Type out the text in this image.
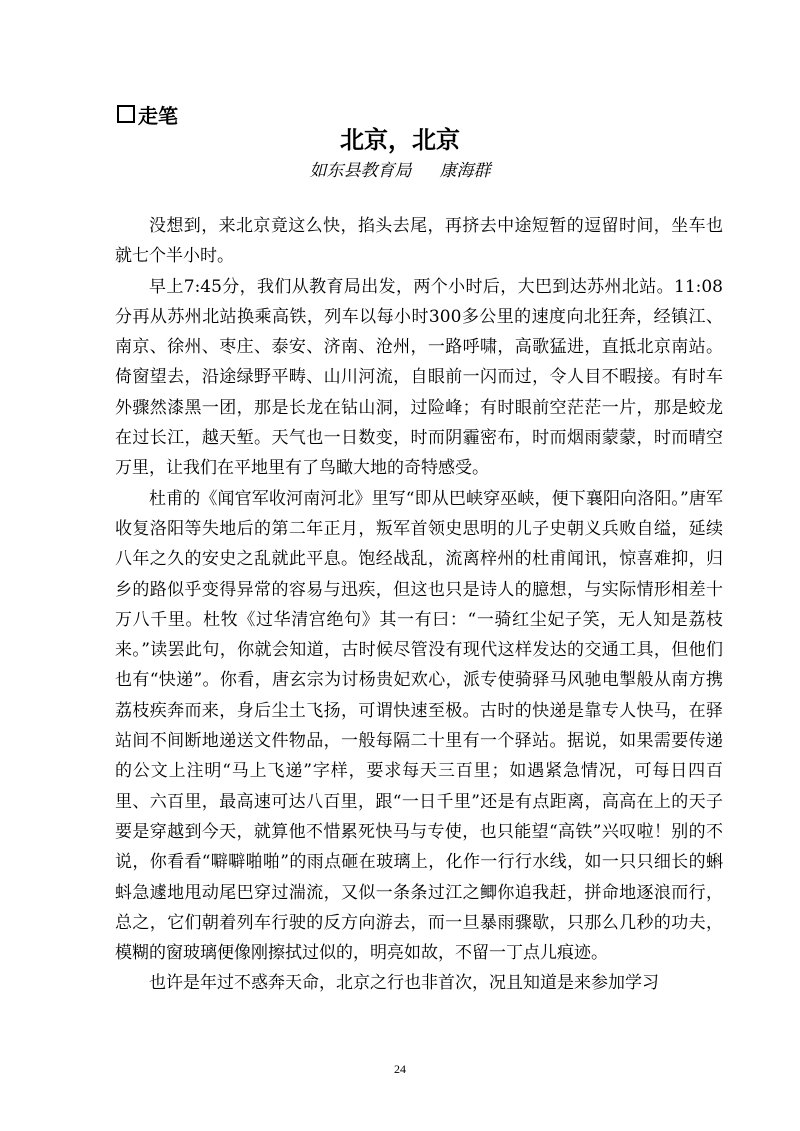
走笔
北京，北京
如东县教育局 康海群

没想到，来北京竟这么快，掐头去尾，再挤去中途短暂的逗留时间，坐车也就七个半小时。

早上7:45分，我们从教育局出发，两个小时后，大巴到达苏州北站。11:08分再从苏州北站换乘高铁，列车以每小时300多公里的速度向北狂奔，经镇江、南京、徐州、枣庄、泰安、济南、沧州，一路呼啸，高歌猛进，直抵北京南站。倚窗望去，沿途绿野平畴、山川河流，自眼前一闪而过，令人目不暇接。有时车外骤然漆黑一团，那是长龙在钻山洞，过险峰；有时眼前空茫茫一片，那是蛟龙在过长江，越天堑。天气也一日数变，时而阴霾密布，时而烟雨蒙蒙，时而晴空万里，让我们在平地里有了鸟瞰大地的奇特感受。

杜甫的《闻官军收河南河北》里写“即从巴峡穿巫峡，便下襄阳向洛阳。”唐军收复洛阳等失地后的第二年正月，叛军首领史思明的儿子史朝义兵败自缢，延续八年之久的安史之乱就此平息。饱经战乱，流离梓州的杜甫闻讯，惊喜难抑，归乡的路似乎变得异常的容易与迅疾，但这也只是诗人的臆想，与实际情形相差十万八千里。杜牧《过华清宫绝句》其一有曰：“一骑红尘妃子笑，无人知是荔枝来。”读罢此句，你就会知道，古时候尽管没有现代这样发达的交通工具，但他们也有“快递”。你看，唐玄宗为讨杨贵妃欢心，派专使骑驿马风驰电掣般从南方携荔枝疾奔而来，身后尘土飞扬，可谓快速至极。古时的快递是靠专人快马，在驿站间不间断地递送文件物品，一般每隔二十里有一个驿站。据说，如果需要传递的公文上注明“马上飞递”字样，要求每天三百里；如遇紧急情况，可每日四百里、六百里，最高速可达八百里，跟“一日千里”还是有点距离，高高在上的天子要是穿越到今天，就算他不惜累死快马与专使，也只能望“高铁”兴叹啦！别的不说，你看看“噼噼啪啪”的雨点砸在玻璃上，化作一行行水线，如一只只细长的蝌蚪急遽地甩动尾巴穿过湍流，又似一条条过江之鲫你追我赶，拼命地逐浪而行，总之，它们朝着列车行驶的反方向游去，而一旦暴雨骤歇，只那么几秒的功夫，模糊的窗玻璃便像刚擦拭过似的，明亮如故，不留一丁点儿痕迹。

也许是年过不惑奔天命，北京之行也非首次，况且知道是来参加学习

24
